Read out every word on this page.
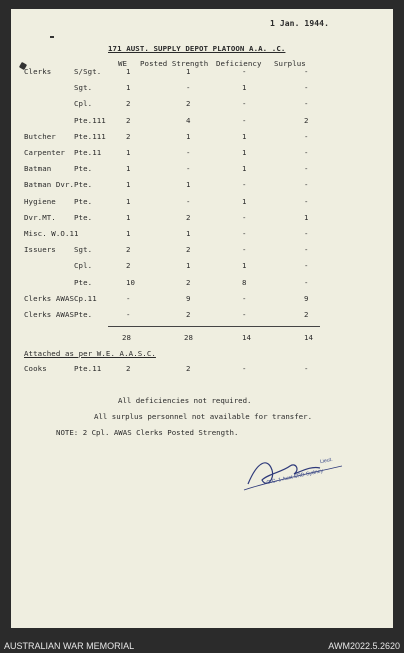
1 Jan. 1944.
171 AUST. SUPPLY DEPOT PLATOON A.A. .C.
WE Posted Strength Deficiency Surplus
Clerks	S/Sgt.	1	1	-	-
Sgt.	1	-	1	-
Cpl.	2	2	-	-
Pte.111	2	4	-	2
Butcher Pte.111	2	1	1	-
Carpenter Pte.11	1	-	1	-
Batman	Pte.	1	-	1	-
Batman Dvr. Pte.	1	1	-	-
Hygiene Pte.	1	-	1	-
Dvr.MT. Pte.	1	2	-	1
Misc. W.O.11	1	1	-	-
Issuers Sgt.	2	2	-	-
Cpl.	2	1	1	-
Pte.	10	2	8	-
Clerks AWAS Cp.11	-	9	-	9
Clerks AWAS Pte.	-	2	-	2
28	28	14	14
Attached as per W.E. A.A.S.C.
Cooks	Pte.11	2	2	-	-
All deficiencies not required.
All surplus personnel not available for transfer.
NOTE: 2 Cpl. AWAS Clerks Posted Strength.
Lieut.
O.C. 1 Aust SRD Sydney
AUSTRALIAN WAR MEMORIAL	AWM2022.5.2620
